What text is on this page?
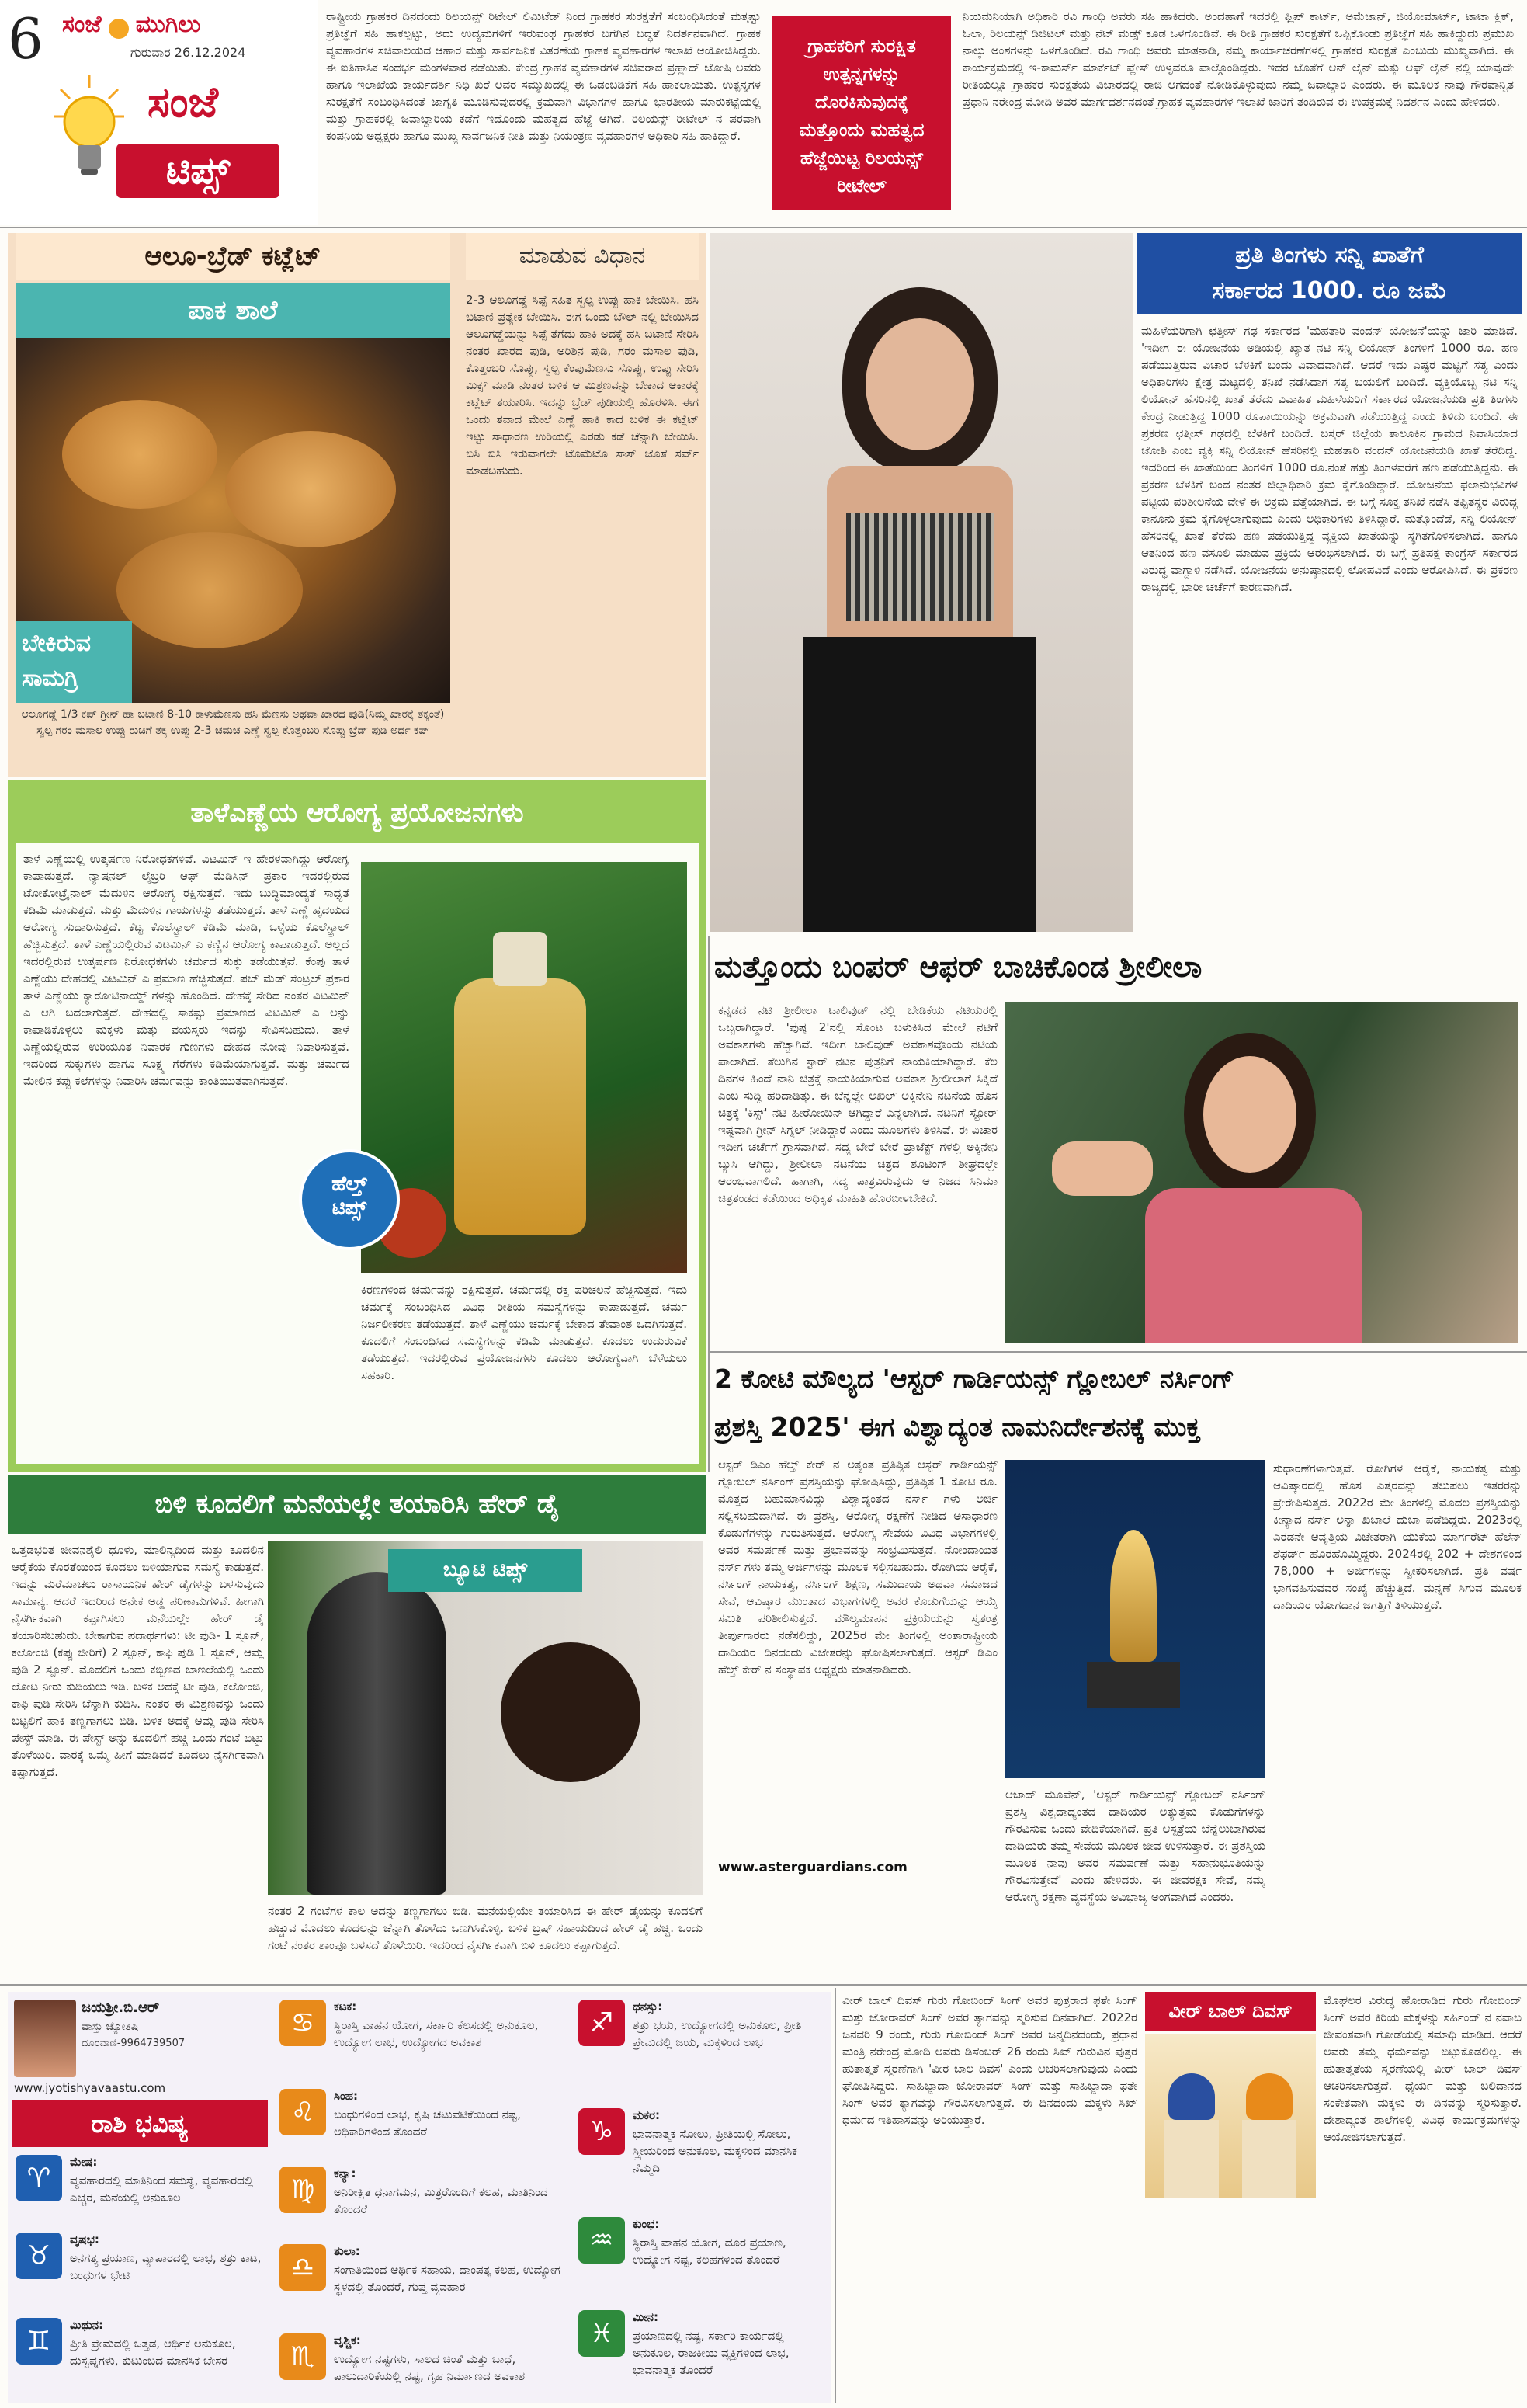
6 ಸಂಜೆ ಮುಗಿಲು
ಗುರುವಾರ 26.12.2024
ಸಂಜೆ
ಟಿಪ್ಸ್
ರಾಷ್ಟ್ರೀಯ ಗ್ರಾಹಕರ ದಿನದಂದು ರಿಲಯನ್ಸ್ ರಿಟೇಲ್ ಲಿಮಿಟೆಡ್ ನಿಂದ ಗ್ರಾಹಕರ ಸುರಕ್ಷತೆಗೆ ಸಂಬಂಧಿಸಿದಂತೆ ಮತ್ತಷ್ಟು ಪ್ರತಿಜ್ಞೆಗೆ ಸಹಿ ಹಾಕಲ್ಪಟ್ಟು, ಅದು ಉದ್ಯಮಗಳಿಗೆ ಇರುವಂಥ ಗ್ರಾಹಕರ ಬಗೆಗಿನ ಬದ್ಧತೆ ನಿದರ್ಶನವಾಗಿದೆ. ಗ್ರಾಹಕ ವ್ಯವಹಾರಗಳ ಸಚಿವಾಲಯದ ಆಹಾರ ಮತ್ತು ಸಾರ್ವಜನಿಕ ವಿತರಣೆಯ ಗ್ರಾಹಕ ವ್ಯವಹಾರಗಳ ಇಲಾಖೆ ಆಯೋಜಿಸಿದ್ದರು. ಈ ಐತಿಹಾಸಿಕ ಸಂದರ್ಭ ಮಂಗಳವಾರ ನಡೆಯಿತು. ಕೇಂದ್ರ ಗ್ರಾಹಕ ವ್ಯವಹಾರಗಳ ಸಚಿವರಾದ ಪ್ರಹ್ಲಾದ್ ಜೋಷಿ ಅವರು ಹಾಗೂ ಇಲಾಖೆಯ ಕಾರ್ಯದರ್ಶಿ ನಿಧಿ ಖರೆ ಅವರ ಸಮ್ಮುಖದಲ್ಲಿ ಈ ಒಡಂಬಡಿಕೆಗೆ ಸಹಿ ಹಾಕಲಾಯಿತು. ಉತ್ಪನ್ನಗಳ ಸುರಕ್ಷತೆಗೆ ಸಂಬಂಧಿಸಿದಂತೆ ಜಾಗೃತಿ ಮೂಡಿಸುವುದರಲ್ಲಿ ಕ್ರಮವಾಗಿ ವಿಭಾಗಗಳ ಹಾಗೂ ಭಾರತೀಯ ಮಾರುಕಟ್ಟೆಯಲ್ಲಿ ಮತ್ತು ಗ್ರಾಹಕರಲ್ಲಿ ಜವಾಬ್ದಾರಿಯ ಕಡೆಗೆ ಇದೊಂದು ಮಹತ್ವದ ಹೆಜ್ಜೆ ಆಗಿದೆ. ರಿಲಯನ್ಸ್ ರೀಟೇಲ್ ನ ಪರವಾಗಿ ಕಂಪನಿಯ ಅಧ್ಯಕ್ಷರು ಹಾಗೂ ಮುಖ್ಯ ಸಾರ್ವಜನಿಕ ನೀತಿ ಮತ್ತು ನಿಯಂತ್ರಣ ವ್ಯವಹಾರಗಳ ಅಧಿಕಾರಿ ಸಹಿ ಹಾಕಿದ್ದಾರೆ.
ಗ್ರಾಹಕರಿಗೆ ಸುರಕ್ಷಿತ ಉತ್ಪನ್ನಗಳನ್ನು ದೊರಕಿಸುವುದಕ್ಕೆ ಮತ್ತೊಂದು ಮಹತ್ವದ ಹೆಜ್ಜೆಯಿಟ್ಟ ರಿಲಯನ್ಸ್ ರೀಟೇಲ್
ನಿಯಮನಿಯಾಗಿ ಅಧಿಕಾರಿ ರವಿ ಗಾಂಧಿ ಅವರು ಸಹಿ ಹಾಕಿದರು. ಅಂದಹಾಗೆ ಇದರಲ್ಲಿ ಫ್ಲಿಪ್ ಕಾರ್ಟ್, ಅಮೆಜಾನ್, ಜಿಯೋಮಾರ್ಟ್, ಟಾಟಾ ಕ್ಲಿಕ್, ಓಲಾ, ರಿಲಯನ್ಸ್ ಡಿಜಿಟಲ್ ಮತ್ತು ನೆಟ್ ಮೆಡ್ಸ್ ಕೂಡ ಒಳಗೊಂಡಿವೆ. ಈ ರೀತಿ ಗ್ರಾಹಕರ ಸುರಕ್ಷತೆಗೆ ಒಪ್ಪಿಕೊಂಡು ಪ್ರತಿಜ್ಞೆಗೆ ಸಹಿ ಹಾಕಿದ್ದುದು ಪ್ರಮುಖ ನಾಲ್ಕು ಅಂಶಗಳನ್ನು ಒಳಗೊಂಡಿದೆ. ರವಿ ಗಾಂಧಿ ಅವರು ಮಾತನಾಡಿ, ನಮ್ಮ ಕಾರ್ಯಾಚರಣೆಗಳಲ್ಲಿ ಗ್ರಾಹಕರ ಸುರಕ್ಷತೆ ಎಂಬುದು ಮುಖ್ಯವಾಗಿದೆ. ಈ ಕಾರ್ಯಕ್ರಮದಲ್ಲಿ ಇ-ಕಾಮರ್ಸ್ ಮಾರ್ಕೆಟ್ ಪ್ಲೇಸ್ ಉಳ್ಳವರೂ ಪಾಲ್ಗೊಂಡಿದ್ದರು. ಇದರ ಜೊತೆಗೆ ಆನ್ ಲೈನ್ ಮತ್ತು ಆಫ್ ಲೈನ್ ನಲ್ಲಿ ಯಾವುದೇ ರೀತಿಯಲ್ಲೂ ಗ್ರಾಹಕರ ಸುರಕ್ಷತೆಯ ವಿಚಾರದಲ್ಲಿ ರಾಜಿ ಆಗದಂತೆ ನೋಡಿಕೊಳ್ಳುವುದು ನಮ್ಮ ಜವಾಬ್ದಾರಿ ಎಂದರು. ಈ ಮೂಲಕ ನಾವು ಗೌರವಾನ್ವಿತ ಪ್ರಧಾನಿ ನರೇಂದ್ರ ಮೋದಿ ಅವರ ಮಾರ್ಗದರ್ಶನದಂತೆ ಗ್ರಾಹಕ ವ್ಯವಹಾರಗಳ ಇಲಾಖೆ ಜಾರಿಗೆ ತಂದಿರುವ ಈ ಉಪಕ್ರಮಕ್ಕೆ ನಿದರ್ಶನ ಎಂದು ಹೇಳಿದರು.
ಆಲೂ-ಬ್ರೆಡ್ ಕಟ್ಲೆಟ್	ಮಾಡುವ ವಿಧಾನ
ಪಾಕ ಶಾಲೆ
ಬೇಕಿರುವ ಸಾಮಗ್ರಿ
ಆಲೂಗಡ್ಡೆ 1/3 ಕಪ್ ಗ್ರೀನ್ ಹಾ ಬಟಾಣಿ 8-10 ಕಾಳುಮೆಣಸು ಹಸಿ ಮೆಣಸು ಅಥವಾ ಖಾರದ ಪುಡಿ(ನಿಮ್ಮ ಖಾರಕ್ಕೆ ತಕ್ಕಂತೆ) ಸ್ವಲ್ಪ ಗರಂ ಮಸಾಲ ಉಪ್ಪು ರುಚಿಗೆ ತಕ್ಕ ಉಪ್ಪು 2-3 ಚಮಚ ಎಣ್ಣೆ ಸ್ವಲ್ಪ ಕೊತ್ತಂಬರಿ ಸೊಪ್ಪು ಬ್ರೆಡ್ ಪುಡಿ ಅರ್ಧ ಕಪ್
2-3 ಆಲೂಗಡ್ಡೆ ಸಿಪ್ಪೆ ಸಹಿತ ಸ್ವಲ್ಪ ಉಪ್ಪು ಹಾಕಿ ಬೇಯಿಸಿ. ಹಸಿ ಬಟಾಣಿ ಪ್ರತ್ಯೇಕ ಬೇಯಿಸಿ. ಈಗ ಒಂದು ಬೌಲ್ ನಲ್ಲಿ ಬೇಯಿಸಿದ ಆಲೂಗಡ್ಡೆಯನ್ನು ಸಿಪ್ಪೆ ತೆಗೆದು ಹಾಕಿ ಅದಕ್ಕೆ ಹಸಿ ಬಟಾಣಿ ಸೇರಿಸಿ ನಂತರ ಖಾರದ ಪುಡಿ, ಅರಿಶಿನ ಪುಡಿ, ಗರಂ ಮಸಾಲ ಪುಡಿ, ಕೊತ್ತಂಬರಿ ಸೊಪ್ಪು, ಸ್ವಲ್ಪ ಕೆಂಪುಮೆಣಸು ಸೊಪ್ಪು, ಉಪ್ಪು ಸೇರಿಸಿ ಮಿಕ್ಸ್ ಮಾಡಿ ನಂತರ ಬಳಿಕ ಆ ಮಿಶ್ರಣವನ್ನು ಬೇಕಾದ ಆಕಾರಕ್ಕೆ ಕಟ್ಲೆಟ್ ತಯಾರಿಸಿ. ಇದನ್ನು ಬ್ರೆಡ್ ಪುಡಿಯಲ್ಲಿ ಹೊರಳಿಸಿ. ಈಗ ಒಂದು ತವಾದ ಮೇಲೆ ಎಣ್ಣೆ ಹಾಕಿ ಕಾದ ಬಳಿಕ ಈ ಕಟ್ಲೆಟ್ ಇಟ್ಟು ಸಾಧಾರಣ ಉರಿಯಲ್ಲಿ ಎರಡು ಕಡೆ ಚೆನ್ನಾಗಿ ಬೇಯಿಸಿ. ಬಿಸಿ ಬಿಸಿ ಇರುವಾಗಲೇ ಟೊಮೆಟೊ ಸಾಸ್ ಜೊತೆ ಸರ್ವ್ ಮಾಡಬಹುದು.
ಪ್ರತಿ ತಿಂಗಳು ಸನ್ನಿ ಖಾತೆಗೆ
ಸರ್ಕಾರದ 1000. ರೂ ಜಮೆ
ಮಹಿಳೆಯರಿಗಾಗಿ ಛತ್ತೀಸ್ ಗಢ ಸರ್ಕಾರದ 'ಮಹತಾರಿ ವಂದನ್ ಯೋಜನೆ'ಯನ್ನು ಜಾರಿ ಮಾಡಿದೆ. 'ಇದೀಗ ಈ ಯೋಜನೆಯ ಅಡಿಯಲ್ಲಿ ಖ್ಯಾತ ನಟಿ ಸನ್ನಿ ಲಿಯೋನ್ ತಿಂಗಳಿಗೆ 1000 ರೂ. ಹಣ ಪಡೆಯುತ್ತಿರುವ ವಿಚಾರ ಬೆಳಕಿಗೆ ಬಂದು ವಿವಾದವಾಗಿದೆ. ಆದರೆ ಇದು ಎಷ್ಟರ ಮಟ್ಟಿಗೆ ಸತ್ಯ ಎಂದು ಅಧಿಕಾರಿಗಳು ಕ್ಷೇತ್ರ ಮಟ್ಟದಲ್ಲಿ ತನಿಖೆ ನಡೆಸಿದಾಗ ಸತ್ಯ ಬಯಲಿಗೆ ಬಂದಿದೆ. ವ್ಯಕ್ತಿಯೊಬ್ಬ ನಟಿ ಸನ್ನಿ ಲಿಯೋನ್ ಹೆಸರಿನಲ್ಲಿ ಖಾತೆ ತೆರೆದು ವಿವಾಹಿತ ಮಹಿಳೆಯರಿಗೆ ಸರ್ಕಾರದ ಯೋಜನೆಯಡಿ ಪ್ರತಿ ತಿಂಗಳು ಕೇಂದ್ರ ನೀಡುತ್ತಿದ್ದ 1000 ರೂಪಾಯಿಯನ್ನು ಅಕ್ರಮವಾಗಿ ಪಡೆಯುತ್ತಿದ್ದ ಎಂದು ತಿಳಿದು ಬಂದಿದೆ. ಈ ಪ್ರಕರಣ ಛತ್ತೀಸ್ ಗಢದಲ್ಲಿ ಬೆಳಕಿಗೆ ಬಂದಿದೆ. ಬಸ್ತರ್ ಜಿಲ್ಲೆಯ ತಾಲೂಕಿನ ಗ್ರಾಮದ ನಿವಾಸಿಯಾದ ಜೋಶಿ ಎಂಬ ವ್ಯಕ್ತಿ ಸನ್ನಿ ಲಿಯೋನ್ ಹೆಸರಿನಲ್ಲಿ ಮಹತಾರಿ ವಂದನ್ ಯೋಜನೆಯಡಿ ಖಾತೆ ತೆರೆದಿದ್ದ. ಇದರಿಂದ ಈ ಖಾತೆಯಿಂದ ತಿಂಗಳಿಗೆ 1000 ರೂ.ನಂತೆ ಹತ್ತು ತಿಂಗಳವರೆಗೆ ಹಣ ಪಡೆಯುತ್ತಿದ್ದನು. ಈ ಪ್ರಕರಣ ಬೆಳಕಿಗೆ ಬಂದ ನಂತರ ಜಿಲ್ಲಾಧಿಕಾರಿ ಕ್ರಮ ಕೈಗೊಂಡಿದ್ದಾರೆ. ಯೋಜನೆಯ ಫಲಾನುಭವಿಗಳ ಪಟ್ಟಿಯ ಪರಿಶೀಲನೆಯ ವೇಳೆ ಈ ಅಕ್ರಮ ಪತ್ತೆಯಾಗಿದೆ. ಈ ಬಗ್ಗೆ ಸೂಕ್ತ ತನಿಖೆ ನಡೆಸಿ ತಪ್ಪಿತಸ್ಥರ ವಿರುದ್ಧ ಕಾನೂನು ಕ್ರಮ ಕೈಗೊಳ್ಳಲಾಗುವುದು ಎಂದು ಅಧಿಕಾರಿಗಳು ತಿಳಿಸಿದ್ದಾರೆ. ಮತ್ತೊಂದೆಡೆ, ಸನ್ನಿ ಲಿಯೋನ್ ಹೆಸರಿನಲ್ಲಿ ಖಾತೆ ತೆರೆದು ಹಣ ಪಡೆಯುತ್ತಿದ್ದ ವ್ಯಕ್ತಿಯ ಖಾತೆಯನ್ನು ಸ್ಥಗಿತಗೊಳಿಸಲಾಗಿದೆ. ಹಾಗೂ ಆತನಿಂದ ಹಣ ವಸೂಲಿ ಮಾಡುವ ಪ್ರಕ್ರಿಯೆ ಆರಂಭಿಸಲಾಗಿದೆ. ಈ ಬಗ್ಗೆ ಪ್ರತಿಪಕ್ಷ ಕಾಂಗ್ರೆಸ್ ಸರ್ಕಾರದ ವಿರುದ್ಧ ವಾಗ್ದಾಳಿ ನಡೆಸಿದೆ. ಯೋಜನೆಯ ಅನುಷ್ಠಾನದಲ್ಲಿ ಲೋಪವಿದೆ ಎಂದು ಆರೋಪಿಸಿದೆ. ಈ ಪ್ರಕರಣ ರಾಜ್ಯದಲ್ಲಿ ಭಾರೀ ಚರ್ಚೆಗೆ ಕಾರಣವಾಗಿದೆ.
ತಾಳೆಎಣ್ಣೆಯ ಆರೋಗ್ಯ ಪ್ರಯೋಜನಗಳು
ತಾಳೆ ಎಣ್ಣೆಯಲ್ಲಿ ಉತ್ಕರ್ಷಣ ನಿರೋಧಕಗಳಿವೆ. ವಿಟಮಿನ್ ಇ ಹೇರಳವಾಗಿದ್ದು ಆರೋಗ್ಯ ಕಾಪಾಡುತ್ತದೆ. ನ್ಯಾಷನಲ್ ಲೈಬ್ರರಿ ಆಫ್ ಮೆಡಿಸಿನ್ ಪ್ರಕಾರ ಇದರಲ್ಲಿರುವ ಟೋಕೋಟ್ರೈನಾಲ್ ಮೆದುಳಿನ ಆರೋಗ್ಯ ರಕ್ಷಿಸುತ್ತದೆ. ಇದು ಬುದ್ಧಿಮಾಂದ್ಯತೆ ಸಾಧ್ಯತೆ ಕಡಿಮೆ ಮಾಡುತ್ತದೆ. ಮತ್ತು ಮೆದುಳಿನ ಗಾಯಗಳನ್ನು ತಡೆಯುತ್ತದೆ. ತಾಳೆ ಎಣ್ಣೆ ಹೃದಯದ ಆರೋಗ್ಯ ಸುಧಾರಿಸುತ್ತದೆ. ಕೆಟ್ಟ ಕೊಲೆಸ್ಟ್ರಾಲ್ ಕಡಿಮೆ ಮಾಡಿ, ಒಳ್ಳೆಯ ಕೊಲೆಸ್ಟ್ರಾಲ್ ಹೆಚ್ಚಿಸುತ್ತದೆ. ತಾಳೆ ಎಣ್ಣೆಯಲ್ಲಿರುವ ವಿಟಮಿನ್ ಎ ಕಣ್ಣಿನ ಆರೋಗ್ಯ ಕಾಪಾಡುತ್ತದೆ. ಅಲ್ಲದೆ ಇದರಲ್ಲಿರುವ ಉತ್ಕರ್ಷಣ ನಿರೋಧಕಗಳು ಚರ್ಮದ ಸುಕ್ಕು ತಡೆಯುತ್ತವೆ. ಕೆಂಪು ತಾಳೆ ಎಣ್ಣೆಯು ದೇಹದಲ್ಲಿ ವಿಟಮಿನ್ ಎ ಪ್ರಮಾಣ ಹೆಚ್ಚಿಸುತ್ತದೆ. ಪಬ್ ಮೆಡ್ ಸೆಂಟ್ರಲ್ ಪ್ರಕಾರ ತಾಳೆ ಎಣ್ಣೆಯು ಕ್ಯಾರೋಟಿನಾಯ್ಡ್ ಗಳನ್ನು ಹೊಂದಿದೆ. ದೇಹಕ್ಕೆ ಸೇರಿದ ನಂತರ ವಿಟಮಿನ್ ಎ ಆಗಿ ಬದಲಾಗುತ್ತದೆ. ದೇಹದಲ್ಲಿ ಸಾಕಷ್ಟು ಪ್ರಮಾಣದ ವಿಟಮಿನ್ ಎ ಅನ್ನು ಕಾಪಾಡಿಕೊಳ್ಳಲು ಮಕ್ಕಳು ಮತ್ತು ವಯಸ್ಕರು ಇದನ್ನು ಸೇವಿಸಬಹುದು. ತಾಳೆ ಎಣ್ಣೆಯಲ್ಲಿರುವ ಉರಿಯೂತ ನಿವಾರಕ ಗುಣಗಳು ದೇಹದ ನೋವು ನಿವಾರಿಸುತ್ತವೆ. ಇದರಿಂದ ಸುಕ್ಕುಗಳು ಹಾಗೂ ಸೂಕ್ಷ್ಮ ಗೆರೆಗಳು ಕಡಿಮೆಯಾಗುತ್ತವೆ. ಮತ್ತು ಚರ್ಮದ ಮೇಲಿನ ಕಪ್ಪು ಕಲೆಗಳನ್ನು ನಿವಾರಿಸಿ ಚರ್ಮವನ್ನು ಕಾಂತಿಯುತವಾಗಿಸುತ್ತದೆ.
ಹೆಲ್ತ್
ಟಿಪ್ಸ್
ಕಿರಣಗಳಿಂದ ಚರ್ಮವನ್ನು ರಕ್ಷಿಸುತ್ತದೆ. ಚರ್ಮದಲ್ಲಿ ರಕ್ತ ಪರಿಚಲನೆ ಹೆಚ್ಚಿಸುತ್ತದೆ. ಇದು ಚರ್ಮಕ್ಕೆ ಸಂಬಂಧಿಸಿದ ವಿವಿಧ ರೀತಿಯ ಸಮಸ್ಯೆಗಳನ್ನು ಕಾಪಾಡುತ್ತದೆ. ಚರ್ಮ ನಿರ್ಜಲೀಕರಣ ತಡೆಯುತ್ತದೆ. ತಾಳೆ ಎಣ್ಣೆಯು ಚರ್ಮಕ್ಕೆ ಬೇಕಾದ ತೇವಾಂಶ ಒದಗಿಸುತ್ತದೆ. ಕೂದಲಿಗೆ ಸಂಬಂಧಿಸಿದ ಸಮಸ್ಯೆಗಳನ್ನು ಕಡಿಮೆ ಮಾಡುತ್ತದೆ. ಕೂದಲು ಉದುರುವಿಕೆ ತಡೆಯುತ್ತದೆ. ಇದರಲ್ಲಿರುವ ಪ್ರಯೋಜನಗಳು ಕೂದಲು ಆರೋಗ್ಯವಾಗಿ ಬೆಳೆಯಲು ಸಹಕಾರಿ.
ಮತ್ತೊಂದು ಬಂಪರ್ ಆಫರ್ ಬಾಚಿಕೊಂಡ ಶ್ರೀಲೀಲಾ
ಕನ್ನಡದ ನಟಿ ಶ್ರೀಲೀಲಾ ಟಾಲಿವುಡ್ ನಲ್ಲಿ ಬೇಡಿಕೆಯ ನಟಿಯರಲ್ಲಿ ಒಬ್ಬರಾಗಿದ್ದಾರೆ. 'ಪುಷ್ಪ 2'ನಲ್ಲಿ ಸೊಂಟ ಬಳುಕಿಸಿದ ಮೇಲೆ ನಟಿಗೆ ಅವಕಾಶಗಳು ಹೆಚ್ಚಾಗಿವೆ. ಇದೀಗ ಬಾಲಿವುಡ್ ಅವಕಾಶವೊಂದು ನಟಿಯ ಪಾಲಾಗಿದೆ. ತೆಲುಗಿನ ಸ್ಟಾರ್ ನಟನ ಪುತ್ರನಿಗೆ ನಾಯಕಿಯಾಗಿದ್ದಾರೆ. ಕೆಲ ದಿನಗಳ ಹಿಂದೆ ನಾನಿ ಚಿತ್ರಕ್ಕೆ ನಾಯಕಿಯಾಗುವ ಅವಕಾಶ ಶ್ರೀಲೀಲಾಗೆ ಸಿಕ್ಕಿದೆ ಎಂಬ ಸುದ್ದಿ ಹರಿದಾಡಿತ್ತು. ಈ ಬೆನ್ನಲ್ಲೇ ಅಖಿಲ್ ಅಕ್ಕಿನೇನಿ ನಟನೆಯ ಹೊಸ ಚಿತ್ರಕ್ಕೆ 'ಕಿಸ್ಸ್' ನಟಿ ಹೀರೋಯಿನ್ ಆಗಿದ್ದಾರೆ ಎನ್ನಲಾಗಿದೆ. ನಟನಿಗೆ ಸ್ಟೋರ್ ಇಷ್ಟವಾಗಿ ಗ್ರೀನ್ ಸಿಗ್ನಲ್ ನೀಡಿದ್ದಾರೆ ಎಂದು ಮೂಲಗಳು ತಿಳಿಸಿವೆ. ಈ ವಿಚಾರ ಇದೀಗ ಚರ್ಚೆಗೆ ಗ್ರಾಸವಾಗಿದೆ. ಸದ್ಯ ಬೇರೆ ಬೇರೆ ಪ್ರಾಜೆಕ್ಟ್ ಗಳಲ್ಲಿ ಅಕ್ಕಿನೇನಿ ಬ್ಯುಸಿ ಆಗಿದ್ದು, ಶ್ರೀಲೀಲಾ ನಟನೆಯ ಚಿತ್ರದ ಶೂಟಿಂಗ್ ಶೀಘ್ರದಲ್ಲೇ ಆರಂಭವಾಗಲಿದೆ. ಹಾಗಾಗಿ, ಸದ್ಯ ಪಾತ್ರವಿರುವುದು ಆ ನಿಜದ ಸಿನಿಮಾ ಚಿತ್ರತಂಡದ ಕಡೆಯಿಂದ ಅಧಿಕೃತ ಮಾಹಿತಿ ಹೊರಬೀಳಬೇಕಿದೆ.
2 ಕೋಟಿ ಮೌಲ್ಯದ 'ಆಸ್ಟರ್ ಗಾರ್ಡಿಯನ್ಸ್ ಗ್ಲೋಬಲ್ ನರ್ಸಿಂಗ್
ಪ್ರಶಸ್ತಿ 2025' ಈಗ ವಿಶ್ವಾದ್ಯಂತ ನಾಮನಿರ್ದೇಶನಕ್ಕೆ ಮುಕ್ತ
ಆಸ್ಟರ್ ಡಿಎಂ ಹೆಲ್ತ್ ಕೇರ್ ನ ಅತ್ಯಂತ ಪ್ರತಿಷ್ಠಿತ ಆಸ್ಟರ್ ಗಾರ್ಡಿಯನ್ಸ್ ಗ್ಲೋಬಲ್ ನರ್ಸಿಂಗ್ ಪ್ರಶಸ್ತಿಯನ್ನು ಘೋಷಿಸಿದ್ದು, ಪ್ರತಿಷ್ಠಿತ 1 ಕೋಟಿ ರೂ. ಮೊತ್ತದ ಬಹುಮಾನವಿದ್ದು ವಿಶ್ವಾದ್ಯಂತದ ನರ್ಸ್ ಗಳು ಅರ್ಜಿ ಸಲ್ಲಿಸಬಹುದಾಗಿದೆ. ಈ ಪ್ರಶಸ್ತಿ, ಆರೋಗ್ಯ ರಕ್ಷಣೆಗೆ ನೀಡಿದ ಅಸಾಧಾರಣ ಕೊಡುಗೆಗಳನ್ನು ಗುರುತಿಸುತ್ತದೆ. ಆರೋಗ್ಯ ಸೇವೆಯ ವಿವಿಧ ವಿಭಾಗಗಳಲ್ಲಿ ಅವರ ಸಮರ್ಪಣೆ ಮತ್ತು ಪ್ರಭಾವವನ್ನು ಸಂಭ್ರಮಿಸುತ್ತದೆ. ನೋಂದಾಯಿತ ನರ್ಸ್ ಗಳು ತಮ್ಮ ಅರ್ಜಿಗಳನ್ನು ಮೂಲಕ ಸಲ್ಲಿಸಬಹುದು. ರೋಗಿಯ ಆರೈಕೆ, ನರ್ಸಿಂಗ್ ನಾಯಕತ್ವ, ನರ್ಸಿಂಗ್ ಶಿಕ್ಷಣ, ಸಮುದಾಯ ಅಥವಾ ಸಮಾಜದ ಸೇವೆ, ಆವಿಷ್ಕಾರ ಮುಂತಾದ ವಿಭಾಗಗಳಲ್ಲಿ ಅವರ ಕೊಡುಗೆಯನ್ನು ಆಯ್ಕೆ ಸಮಿತಿ ಪರಿಶೀಲಿಸುತ್ತದೆ. ಮೌಲ್ಯಮಾಪನ ಪ್ರಕ್ರಿಯೆಯನ್ನು ಸ್ವತಂತ್ರ ತೀರ್ಪುಗಾರರು ನಡೆಸಲಿದ್ದು, 2025ರ ಮೇ ತಿಂಗಳಲ್ಲಿ ಅಂತಾರಾಷ್ಟ್ರೀಯ ದಾದಿಯರ ದಿನದಂದು ವಿಜೇತರನ್ನು ಘೋಷಿಸಲಾಗುತ್ತದೆ. ಆಸ್ಟರ್ ಡಿಎಂ ಹೆಲ್ತ್ ಕೇರ್ ನ ಸಂಸ್ಥಾಪಕ ಅಧ್ಯಕ್ಷರು ಮಾತನಾಡಿದರು.
www.asterguardians.com
ಆಜಾದ್ ಮೂಪೆನ್, 'ಆಸ್ಟರ್ ಗಾರ್ಡಿಯನ್ಸ್ ಗ್ಲೋಬಲ್ ನರ್ಸಿಂಗ್ ಪ್ರಶಸ್ತಿ ವಿಶ್ವದಾದ್ಯಂತದ ದಾದಿಯರ ಅತ್ಯುತ್ತಮ ಕೊಡುಗೆಗಳನ್ನು ಗೌರವಿಸುವ ಒಂದು ವೇದಿಕೆಯಾಗಿದೆ. ಪ್ರತಿ ಆಸ್ಪತ್ರೆಯ ಬೆನ್ನೆಲುಬಾಗಿರುವ ದಾದಿಯರು ತಮ್ಮ ಸೇವೆಯ ಮೂಲಕ ಜೀವ ಉಳಿಸುತ್ತಾರೆ. ಈ ಪ್ರಶಸ್ತಿಯ ಮೂಲಕ ನಾವು ಅವರ ಸಮರ್ಪಣೆ ಮತ್ತು ಸಹಾನುಭೂತಿಯನ್ನು ಗೌರವಿಸುತ್ತೇವೆ' ಎಂದು ಹೇಳಿದರು. ಈ ಜೀವರಕ್ಷಕ ಸೇವೆ, ನಮ್ಮ ಆರೋಗ್ಯ ರಕ್ಷಣಾ ವ್ಯವಸ್ಥೆಯ ಅವಿಭಾಜ್ಯ ಅಂಗವಾಗಿದೆ ಎಂದರು.
ಸುಧಾರಣೆಗಳಾಗುತ್ತವೆ. ರೋಗಿಗಳ ಆರೈಕೆ, ನಾಯಕತ್ವ ಮತ್ತು ಆವಿಷ್ಕಾರದಲ್ಲಿ ಹೊಸ ಎತ್ತರವನ್ನು ತಲುಪಲು ಇತರರನ್ನು ಪ್ರೇರೇಪಿಸುತ್ತದೆ. 2022ರ ಮೇ ತಿಂಗಳಲ್ಲಿ ಮೊದಲ ಪ್ರಶಸ್ತಿಯನ್ನು ಕೀನ್ಯಾದ ನರ್ಸ್ ಅನ್ನಾ ಖಬಾಲೆ ದುಬಾ ಪಡೆದಿದ್ದರು. 2023ರಲ್ಲಿ ಎರಡನೇ ಆವೃತ್ತಿಯ ವಿಜೇತರಾಗಿ ಯುಕೆಯ ಮಾರ್ಗರೆಟ್ ಹೆಲೆನ್ ಶೆಫರ್ಡ್ ಹೊರಹೊಮ್ಮಿದ್ದರು. 2024ರಲ್ಲಿ 202 + ದೇಶಗಳಿಂದ 78,000 + ಅರ್ಜಿಗಳನ್ನು ಸ್ವೀಕರಿಸಲಾಗಿದೆ. ಪ್ರತಿ ವರ್ಷ ಭಾಗವಹಿಸುವವರ ಸಂಖ್ಯೆ ಹೆಚ್ಚುತ್ತಿದೆ. ಮನ್ನಣೆ ಸಿಗುವ ಮೂಲಕ ದಾದಿಯರ ಯೋಗದಾನ ಜಗತ್ತಿಗೆ ತಿಳಿಯುತ್ತದೆ.
ಬಿಳಿ ಕೂದಲಿಗೆ ಮನೆಯಲ್ಲೇ ತಯಾರಿಸಿ ಹೇರ್ ಡೈ
ಒತ್ತಡಭರಿತ ಜೀವನಶೈಲಿ ಧೂಳು, ಮಾಲಿನ್ಯದಿಂದ ಮತ್ತು ಕೂದಲಿನ ಆರೈಕೆಯ ಕೊರತೆಯಿಂದ ಕೂದಲು ಬಿಳಿಯಾಗುವ ಸಮಸ್ಯೆ ಕಾಡುತ್ತದೆ. ಇದನ್ನು ಮರೆಮಾಚಲು ರಾಸಾಯನಿಕ ಹೇರ್ ಡೈಗಳನ್ನು ಬಳಸುವುದು ಸಾಮಾನ್ಯ. ಆದರೆ ಇದರಿಂದ ಅನೇಕ ಅಡ್ಡ ಪರಿಣಾಮಗಳಿವೆ. ಹೀಗಾಗಿ ನೈಸರ್ಗಿಕವಾಗಿ ಕಪ್ಪಾಗಿಸಲು ಮನೆಯಲ್ಲೇ ಹೇರ್ ಡೈ ತಯಾರಿಸಬಹುದು. ಬೇಕಾಗುವ ಪದಾರ್ಥಗಳು: ಟೀ ಪುಡಿ- 1 ಸ್ಪೂನ್, ಕಲೋಂಜಿ (ಕಪ್ಪು ಜೀರಿಗೆ) 2 ಸ್ಪೂನ್, ಕಾಫಿ ಪುಡಿ 1 ಸ್ಪೂನ್, ಆಮ್ಲ ಪುಡಿ 2 ಸ್ಪೂನ್. ಮೊದಲಿಗೆ ಒಂದು ಕಬ್ಬಿಣದ ಬಾಣಲೆಯಲ್ಲಿ ಒಂದು ಲೋಟ ನೀರು ಕುದಿಯಲು ಇಡಿ. ಬಳಿಕ ಅದಕ್ಕೆ ಟೀ ಪುಡಿ, ಕಲೋಂಜಿ, ಕಾಫಿ ಪುಡಿ ಸೇರಿಸಿ ಚೆನ್ನಾಗಿ ಕುದಿಸಿ. ನಂತರ ಈ ಮಿಶ್ರಣವನ್ನು ಒಂದು ಬಟ್ಟಲಿಗೆ ಹಾಕಿ ತಣ್ಣಗಾಗಲು ಬಿಡಿ. ಬಳಿಕ ಅದಕ್ಕೆ ಆಮ್ಲ ಪುಡಿ ಸೇರಿಸಿ ಪೇಸ್ಟ್ ಮಾಡಿ. ಈ ಪೇಸ್ಟ್ ಅನ್ನು ಕೂದಲಿಗೆ ಹಚ್ಚಿ ಒಂದು ಗಂಟೆ ಬಿಟ್ಟು ತೊಳೆಯಿರಿ. ವಾರಕ್ಕೆ ಒಮ್ಮೆ ಹೀಗೆ ಮಾಡಿದರೆ ಕೂದಲು ನೈಸರ್ಗಿಕವಾಗಿ ಕಪ್ಪಾಗುತ್ತದೆ.
ಬ್ಯೂಟಿ ಟಿಪ್ಸ್
ನಂತರ 2 ಗಂಟೆಗಳ ಕಾಲ ಅದನ್ನು ತಣ್ಣಗಾಗಲು ಬಿಡಿ. ಮನೆಯಲ್ಲಿಯೇ ತಯಾರಿಸಿದ ಈ ಹೇರ್ ಡೈಯನ್ನು ಕೂದಲಿಗೆ ಹಚ್ಚುವ ಮೊದಲು ಕೂದಲನ್ನು ಚೆನ್ನಾಗಿ ತೊಳೆದು ಒಣಗಿಸಿಕೊಳ್ಳಿ. ಬಳಿಕ ಬ್ರಷ್ ಸಹಾಯದಿಂದ ಹೇರ್ ಡೈ ಹಚ್ಚಿ. ಒಂದು ಗಂಟೆ ನಂತರ ಶಾಂಪೂ ಬಳಸದೆ ತೊಳೆಯಿರಿ. ಇದರಿಂದ ನೈಸರ್ಗಿಕವಾಗಿ ಬಿಳಿ ಕೂದಲು ಕಪ್ಪಾಗುತ್ತದೆ.
ಜಯಶ್ರೀ.ಬಿ.ಆರ್
ವಾಸ್ತು ಜ್ಯೋತಿಷಿ
ದೂರವಾಣಿ-9964739507
www.jyotishyavaastu.com
ರಾಶಿ ಭವಿಷ್ಯ
♈
ಮೇಷ:
ವ್ಯವಹಾರದಲ್ಲಿ ಮಾತಿನಿಂದ ಸಮಸ್ಯೆ, ವ್ಯವಹಾರದಲ್ಲಿ ಎಚ್ಚರ, ಮನೆಯಲ್ಲಿ ಅನುಕೂಲ
♉
ವೃಷಭ:
ಅನಗತ್ಯ ಪ್ರಯಾಣ, ವ್ಯಾಪಾರದಲ್ಲಿ ಲಾಭ, ಶತ್ರು ಕಾಟ, ಬಂಧುಗಳ ಭೇಟಿ
♊
ಮಿಥುನ:
ಪ್ರೀತಿ ಪ್ರೇಮದಲ್ಲಿ ಒತ್ತಡ, ಆರ್ಥಿಕ ಅನುಕೂಲ, ದುಸ್ವಪ್ನಗಳು, ಕುಟುಂಬದ ಮಾನಸಿಕ ಬೇಸರ
♋
ಕಟಕ:
ಸ್ಥಿರಾಸ್ತಿ ವಾಹನ ಯೋಗ, ಸರ್ಕಾರಿ ಕೆಲಸದಲ್ಲಿ ಅನುಕೂಲ, ಉದ್ಯೋಗ ಲಾಭ, ಉದ್ಯೋಗದ ಅವಕಾಶ
♌
ಸಿಂಹ:
ಬಂಧುಗಳಿಂದ ಲಾಭ, ಕೃಷಿ ಚಟುವಟಿಕೆಯಿಂದ ನಷ್ಟ, ಅಧಿಕಾರಿಗಳಿಂದ ತೊಂದರೆ
♍
ಕನ್ಯಾ:
ಅನಿರೀಕ್ಷಿತ ಧನಾಗಮನ, ಮಿತ್ರರೊಂದಿಗೆ ಕಲಹ, ಮಾತಿನಿಂದ ತೊಂದರೆ
♎
ತುಲಾ:
ಸಂಗಾತಿಯಿಂದ ಆರ್ಥಿಕ ಸಹಾಯ, ದಾಂಪತ್ಯ ಕಲಹ, ಉದ್ಯೋಗ ಸ್ಥಳದಲ್ಲಿ ತೊಂದರೆ, ಗುಪ್ತ ವ್ಯವಹಾರ
♏
ವೃಶ್ಚಿಕ:
ಉದ್ಯೋಗ ನಷ್ಟಗಳು, ಸಾಲದ ಚಿಂತೆ ಮತ್ತು ಬಾಧೆ, ಪಾಲುದಾರಿಕೆಯಲ್ಲಿ ನಷ್ಟ, ಗೃಹ ನಿರ್ಮಾಣದ ಅವಕಾಶ
♐
ಧನಸ್ಸು:
ಶತ್ರು ಭಯ, ಉದ್ಯೋಗದಲ್ಲಿ ಅನುಕೂಲ, ಪ್ರೀತಿ ಪ್ರೇಮದಲ್ಲಿ ಜಯ, ಮಕ್ಕಳಿಂದ ಲಾಭ
♑
ಮಕರ:
ಭಾವನಾತ್ಮಕ ಸೋಲು, ಪ್ರೀತಿಯಲ್ಲಿ ಸೋಲು, ಸ್ತ್ರೀಯರಿಂದ ಅನುಕೂಲ, ಮಕ್ಕಳಿಂದ ಮಾನಸಿಕ ನೆಮ್ಮದಿ
♒
ಕುಂಭ:
ಸ್ಥಿರಾಸ್ತಿ ವಾಹನ ಯೋಗ, ದೂರ ಪ್ರಯಾಣ, ಉದ್ಯೋಗ ನಷ್ಟ, ಕಲಹಗಳಿಂದ ತೊಂದರೆ
♓
ಮೀನ:
ಪ್ರಯಾಣದಲ್ಲಿ ನಷ್ಟ, ಸರ್ಕಾರಿ ಕಾರ್ಯದಲ್ಲಿ ಅನುಕೂಲ, ರಾಜಕೀಯ ವ್ಯಕ್ತಿಗಳಿಂದ ಲಾಭ, ಭಾವನಾತ್ಮಕ ತೊಂದರೆ
ವೀರ್ ಬಾಲ್ ದಿವಸ್ ಗುರು ಗೋಬಿಂದ್ ಸಿಂಗ್ ಅವರ ಪುತ್ರರಾದ ಫತೇ ಸಿಂಗ್ ಮತ್ತು ಜೋರಾವರ್ ಸಿಂಗ್ ಅವರ ತ್ಯಾಗವನ್ನು ಸ್ಮರಿಸುವ ದಿನವಾಗಿದೆ. 2022ರ ಜನವರಿ 9 ರಂದು, ಗುರು ಗೋಬಿಂದ್ ಸಿಂಗ್ ಅವರ ಜನ್ಮದಿನದಂದು, ಪ್ರಧಾನ ಮಂತ್ರಿ ನರೇಂದ್ರ ಮೋದಿ ಅವರು ಡಿಸೆಂಬರ್ 26 ರಂದು ಸಿಖ್ ಗುರುವಿನ ಪುತ್ರರ ಹುತಾತ್ಮತೆ ಸ್ಮರಣೆಗಾಗಿ 'ವೀರ ಬಾಲ ದಿವಸ' ಎಂದು ಆಚರಿಸಲಾಗುವುದು ಎಂದು ಘೋಷಿಸಿದ್ದರು. ಸಾಹಿಬ್ಜಾದಾ ಜೋರಾವರ್ ಸಿಂಗ್ ಮತ್ತು ಸಾಹಿಬ್ಜಾದಾ ಫತೇ ಸಿಂಗ್ ಅವರ ತ್ಯಾಗವನ್ನು ಗೌರವಿಸಲಾಗುತ್ತದೆ. ಈ ದಿನದಂದು ಮಕ್ಕಳು ಸಿಖ್ ಧರ್ಮದ ಇತಿಹಾಸವನ್ನು ಅರಿಯುತ್ತಾರೆ.
ವೀರ್ ಬಾಲ್ ದಿವಸ್	ಮೊಘಲರ ವಿರುದ್ಧ ಹೋರಾಡಿದ ಗುರು ಗೋಬಿಂದ್ ಸಿಂಗ್ ಅವರ ಕಿರಿಯ ಮಕ್ಕಳನ್ನು ಸರ್ಹಿಂದ್ ನ ನವಾಬ ಜೀವಂತವಾಗಿ ಗೋಡೆಯಲ್ಲಿ ಸಮಾಧಿ ಮಾಡಿದ. ಆದರೆ ಅವರು ತಮ್ಮ ಧರ್ಮವನ್ನು ಬಿಟ್ಟುಕೊಡಲಿಲ್ಲ. ಈ ಹುತಾತ್ಮತೆಯ ಸ್ಮರಣೆಯಲ್ಲಿ ವೀರ್ ಬಾಲ್ ದಿವಸ್ ಆಚರಿಸಲಾಗುತ್ತದೆ. ಧೈರ್ಯ ಮತ್ತು ಬಲಿದಾನದ ಸಂಕೇತವಾಗಿ ಮಕ್ಕಳು ಈ ದಿನವನ್ನು ಸ್ಮರಿಸುತ್ತಾರೆ. ದೇಶಾದ್ಯಂತ ಶಾಲೆಗಳಲ್ಲಿ ವಿವಿಧ ಕಾರ್ಯಕ್ರಮಗಳನ್ನು ಆಯೋಜಿಸಲಾಗುತ್ತದೆ.
